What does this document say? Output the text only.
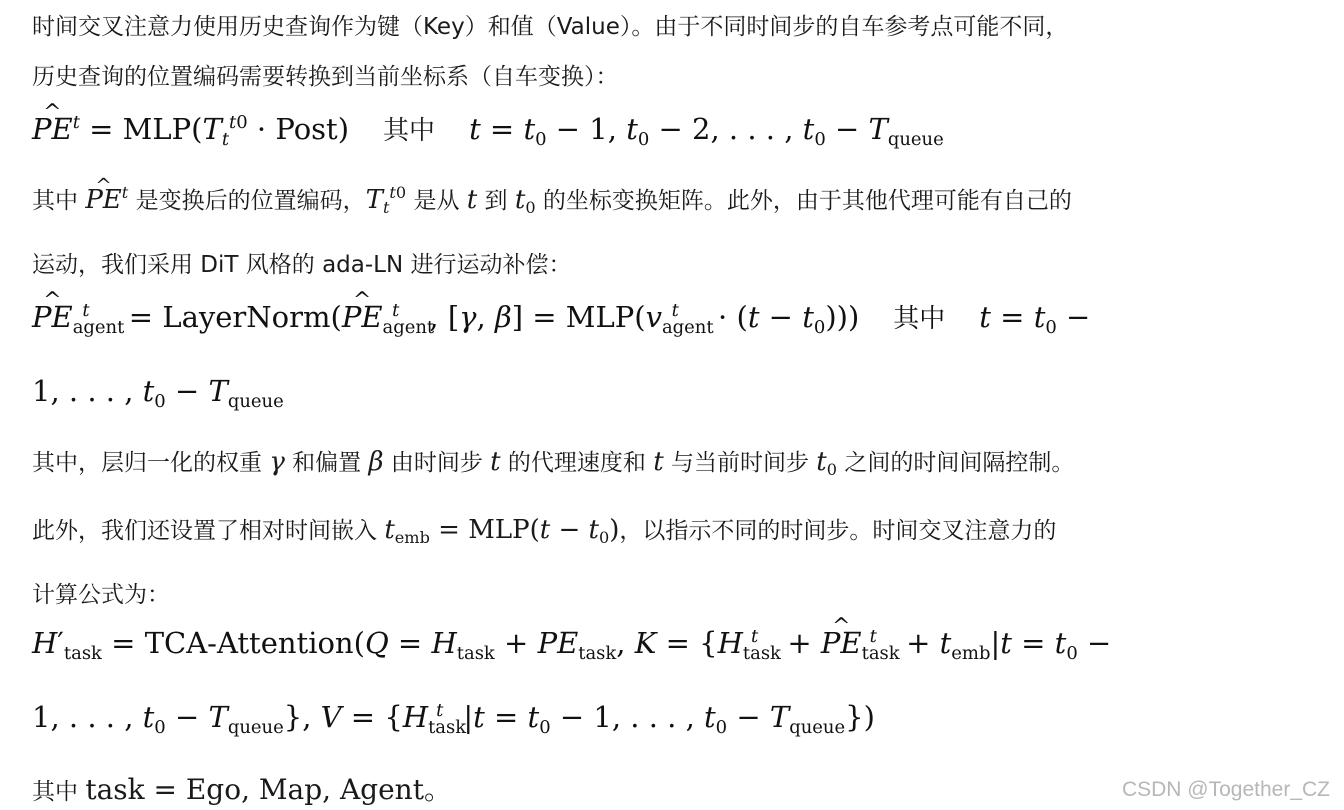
时间交叉注意力使用历史查询作为键（Key）和值（Value）。由于不同时间步的自车参考点可能不同，
历史查询的位置编码需要转换到当前坐标系（自车变换）：
^ $PE^t = MLP(T_t^{t0}$ · Post) 其中 $t = t_0 - 1$, $t_0 - 2$, . . . , $t_0 - T_{queue}$
其中 ^ $PE^t$ 是变换后的位置编码，$T_t^{t0}$ 是从 t 到 $t_0$ 的坐标变换矩阵。此外，由于其他代理可能有自己的
运动，我们采用 DiT 风格的 ada-LN 进行运动补偿：
^ $PE_{agent}^t$ = LayerNorm(^ $PE_{agent}^t$ , [γ, $\beta] = MLP(v_{agent}^t \cdot (t - t_0))$) 其中 $t = t_0$ −
1, . . . , $t_0 - T_{queue}$
其中，层归一化的权重 γ 和偏置 β 由时间步 t 的代理速度和 t 与当前时间步 $t_0$ 之间的时间间隔控制。
此外，我们还设置了相对时间嵌入 $t_{emb} = MLP(t - t_0)$，以指示不同的时间步。时间交叉注意力的
计算公式为：
$H'_{task}$ = TCA-Attention(Q = $H_{task} + PE_{task}$, $K = \{H_{task}^t$ + ^ $PE_{task}^t + t_{emb}|t = t_0$ −
1, . . . , $t_0 - T_{queue}$}, $V = \{H_{task}^t$ $|t = t_0 - 1$, . . . , $t_0 - T_{queue}$})
其中 task = Ego, Map, Agent。	CSDN @Together_CZ
